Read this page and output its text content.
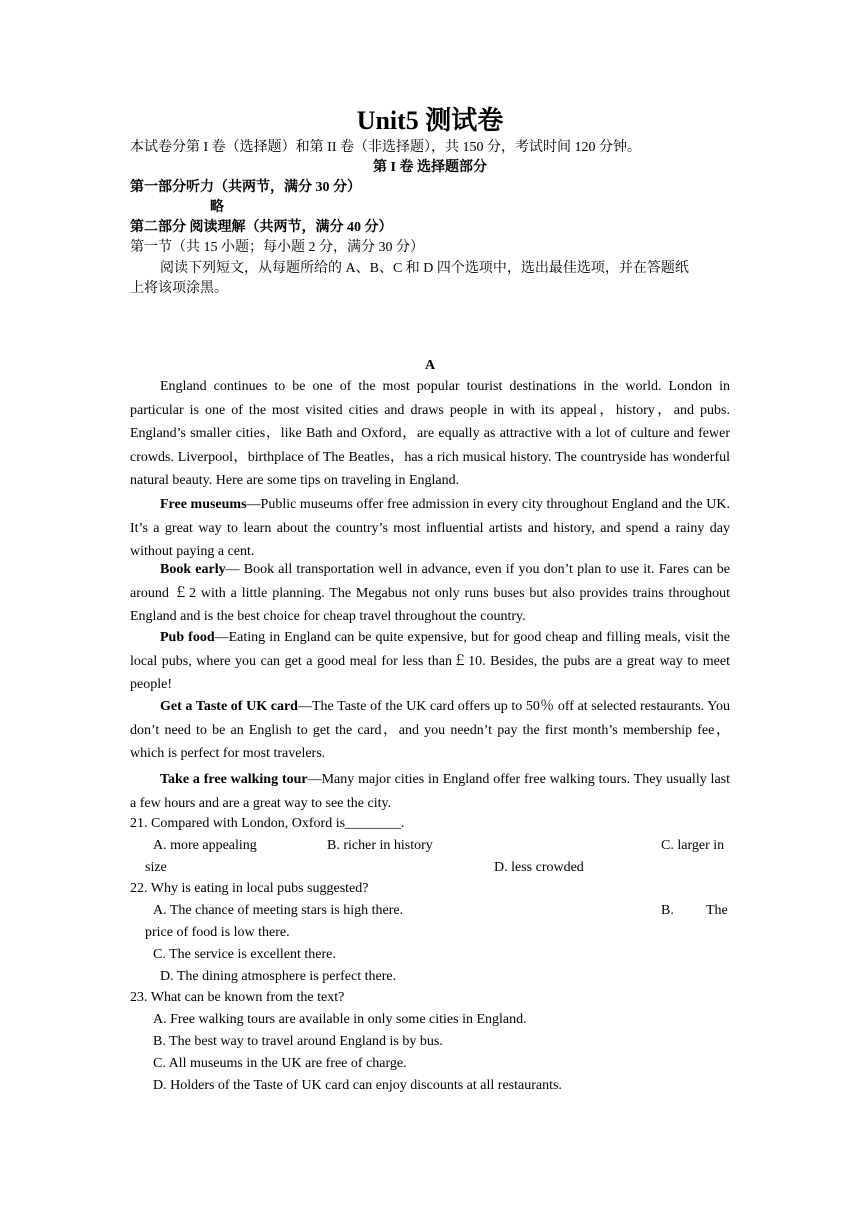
Unit5 测试卷
本试卷分第 I 卷（选择题）和第 II 卷（非选择题），共 150 分，考试时间 120 分钟。
第 I 卷 选择题部分
第一部分听力（共两节，满分 30 分）
略
第二部分 阅读理解（共两节，满分 40 分）
第一节（共 15 小题；每小题 2 分，满分 30 分）
阅读下列短文，从每题所给的 A、B、C 和 D 四个选项中，选出最佳选项，并在答题纸
上将该项涂黑。
A
England continues to be one of the most popular tourist destinations in the world. London in particular is one of the most visited cities and draws people in with its appeal，history，and pubs. England’s smaller cities，like Bath and Oxford，are equally as attractive with a lot of culture and fewer crowds. Liverpool，birthplace of The Beatles，has a rich musical history. The countryside has wonderful natural beauty. Here are some tips on traveling in England.
Free museums—Public museums offer free admission in every city throughout England and the UK. It’s a great way to learn about the country’s most influential artists and history, and spend a rainy day without paying a cent.
Book early— Book all transportation well in advance, even if you don’t plan to use it. Fares can be around ￡2 with a little planning. The Megabus not only runs buses but also provides trains throughout England and is the best choice for cheap travel throughout the country.
Pub food—Eating in England can be quite expensive, but for good cheap and filling meals, visit the local pubs, where you can get a good meal for less than￡10. Besides, the pubs are a great way to meet people!
Get a Taste of UK card—The Taste of the UK card offers up to 50％ off at selected restaurants. You don’t need to be an English to get the card，and you needn’t pay the first month’s membership fee，which is perfect for most travelers.
Take a free walking tour—Many major cities in England offer free walking tours. They usually last a few hours and are a great way to see the city.
21. Compared with London, Oxford is________.
A. more appealing	B. richer in history	C. larger in
size	D. less crowded
22. Why is eating in local pubs suggested?
A. The chance of meeting stars is high there.	B. The
price of food is low there.
C. The service is excellent there.
D. The dining atmosphere is perfect there.
23. What can be known from the text?
A. Free walking tours are available in only some cities in England.
B. The best way to travel around England is by bus.
C. All museums in the UK are free of charge.
D. Holders of the Taste of UK card can enjoy discounts at all restaurants.
